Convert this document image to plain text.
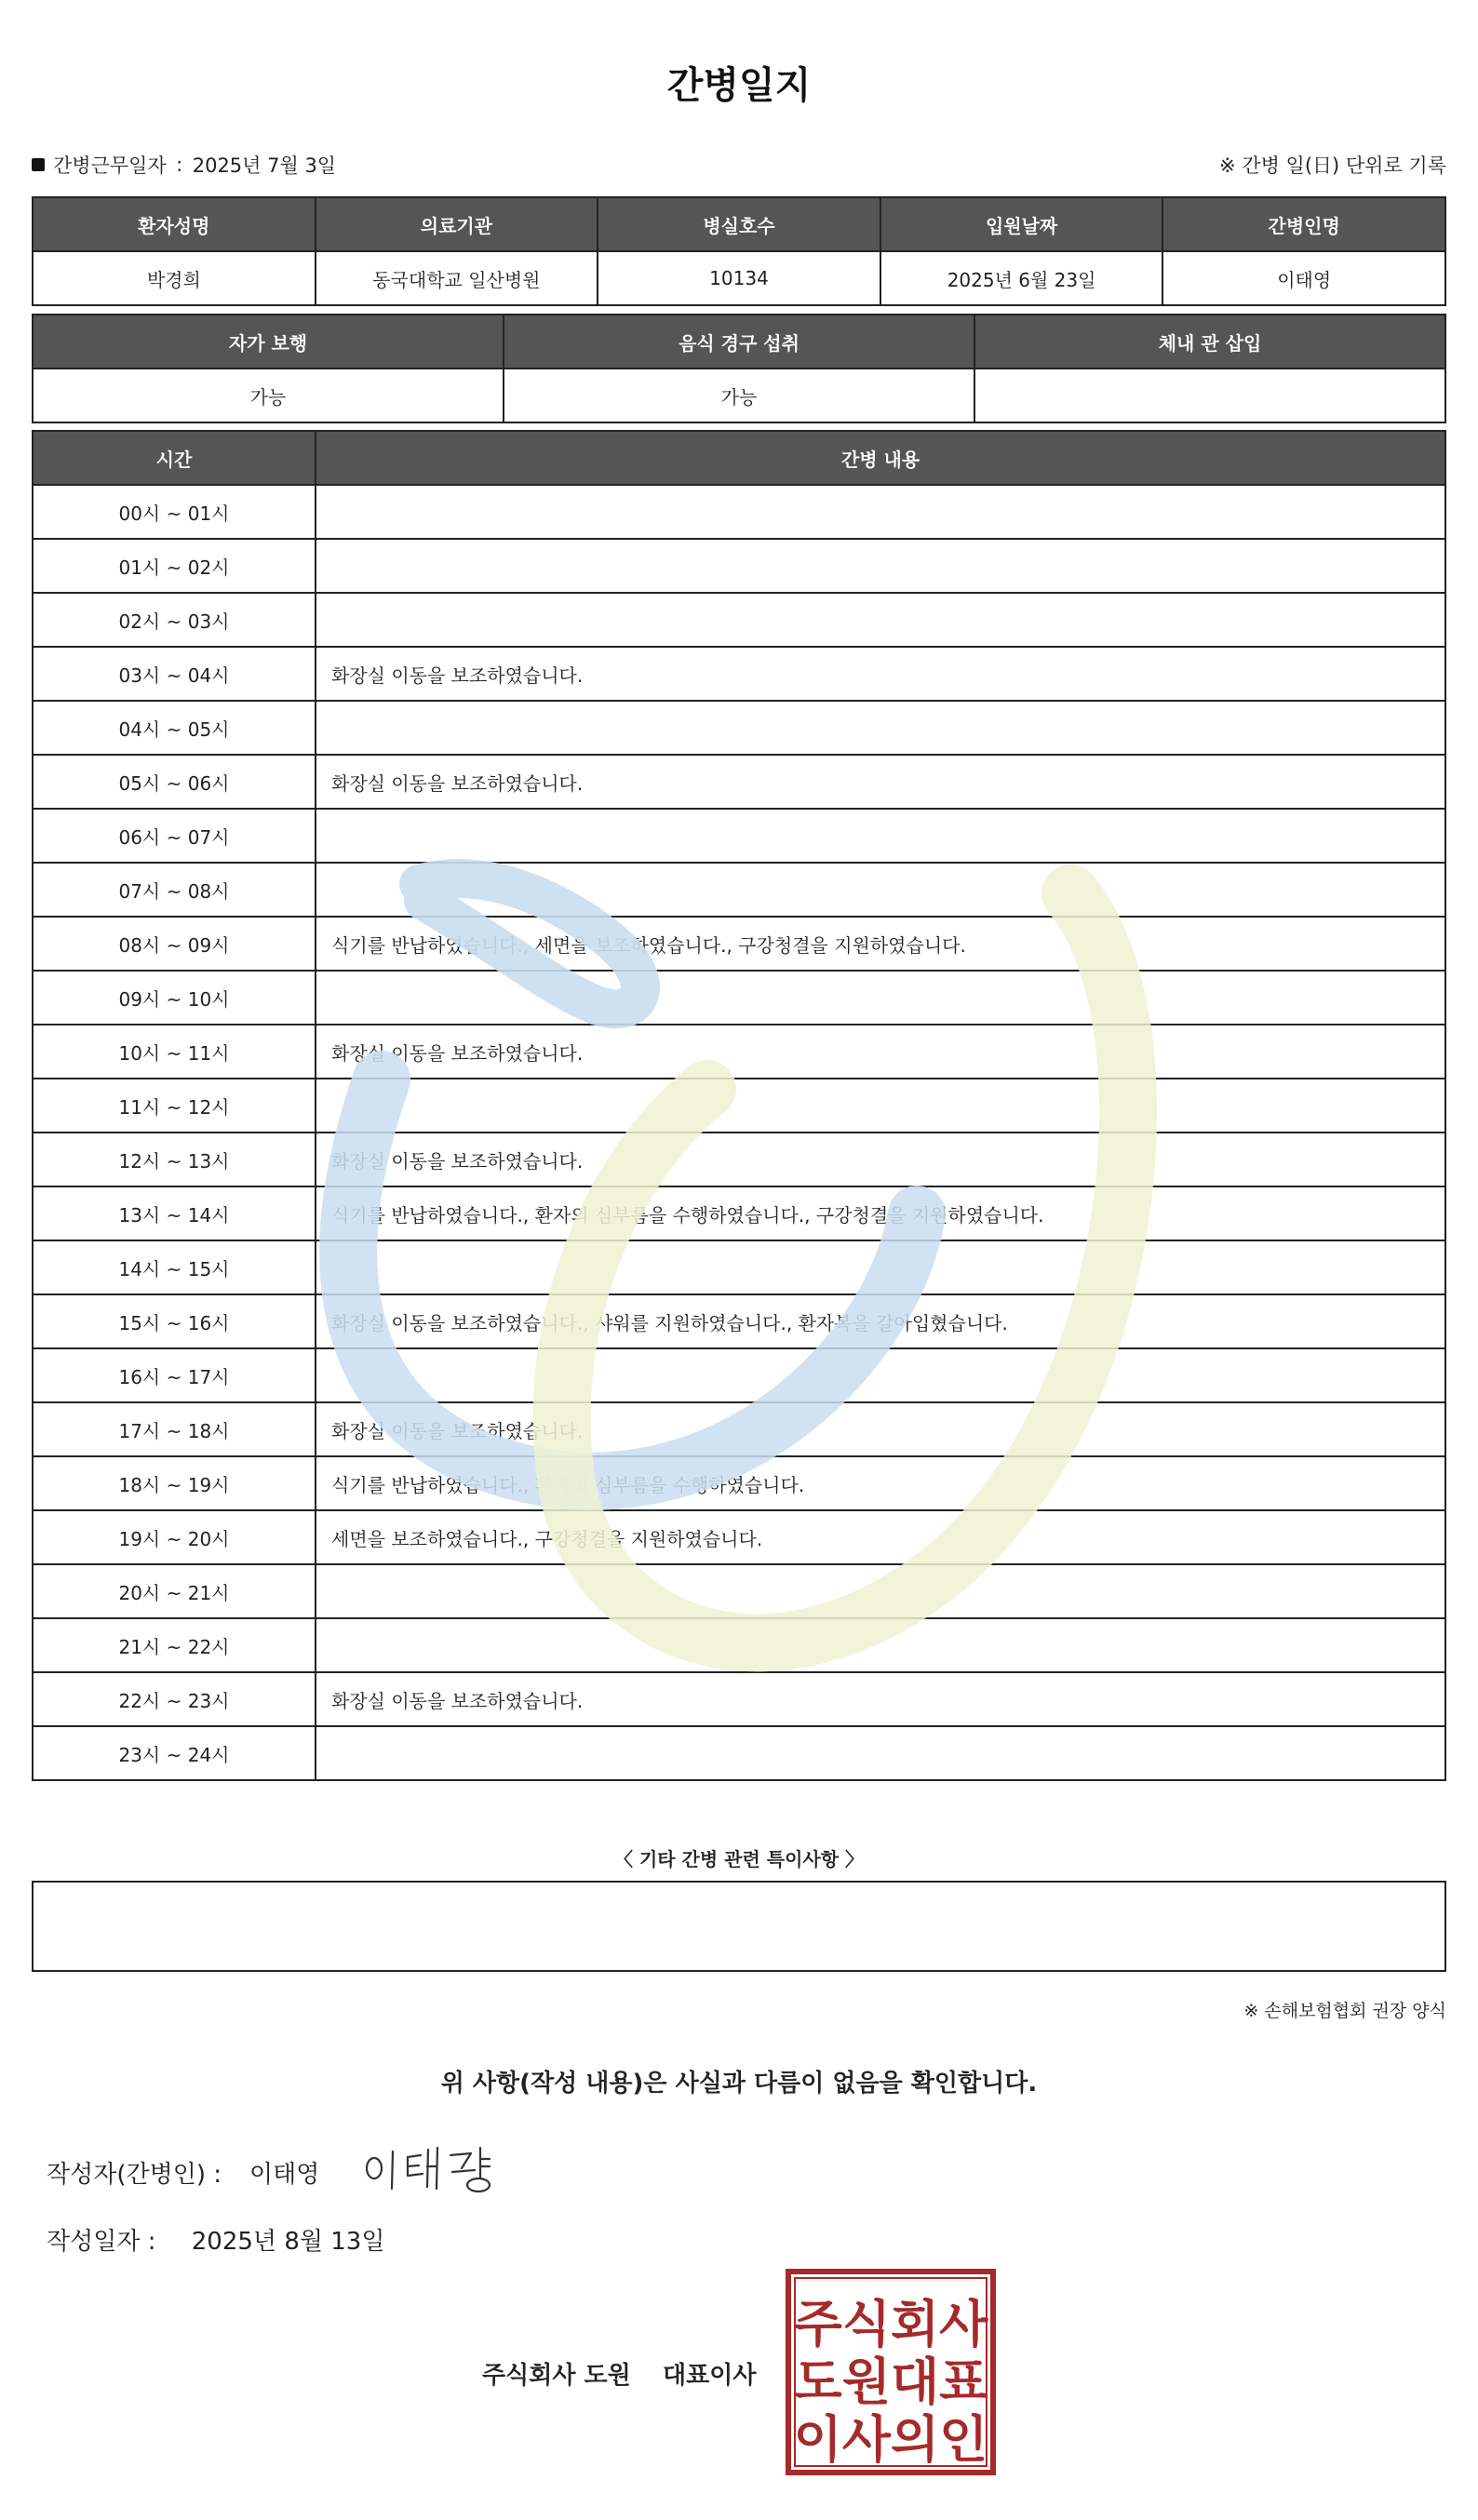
간병일지
간병근무일자 : 2025년 7월 3일	※ 간병 일(日) 단위로 기록
환자성명	의료기관	병실호수	입원날짜	간병인명
박경희	동국대학교 일산병원	10134	2025년 6월 23일	이태영
자가 보행	음식 경구 섭취	체내 관 삽입
가능	가능	
시간	간병 내용
00시 ~ 01시	
01시 ~ 02시	
02시 ~ 03시	
03시 ~ 04시	화장실 이동을 보조하였습니다.
04시 ~ 05시	
05시 ~ 06시	화장실 이동을 보조하였습니다.
06시 ~ 07시	
07시 ~ 08시	
08시 ~ 09시	식기를 반납하였습니다., 세면을 보조하였습니다., 구강청결을 지원하였습니다.
09시 ~ 10시	
10시 ~ 11시	화장실 이동을 보조하였습니다.
11시 ~ 12시	
12시 ~ 13시	화장실 이동을 보조하였습니다.
13시 ~ 14시	식기를 반납하였습니다., 환자의 심부름을 수행하였습니다., 구강청결을 지원하였습니다.
14시 ~ 15시	
15시 ~ 16시	화장실 이동을 보조하였습니다., 샤워를 지원하였습니다., 환자복을 갈아입혔습니다.
16시 ~ 17시	
17시 ~ 18시	화장실 이동을 보조하였습니다.
18시 ~ 19시	식기를 반납하였습니다., 환자의 심부름을 수행하였습니다.
19시 ~ 20시	세면을 보조하였습니다., 구강청결을 지원하였습니다.
20시 ~ 21시	
21시 ~ 22시	
22시 ~ 23시	화장실 이동을 보조하였습니다.
23시 ~ 24시	
〈 기타 간병 관련 특이사항 〉
※ 손해보험협회 권장 양식
위 사항(작성 내용)은 사실과 다름이 없음을 확인합니다.
작성자(간병인) : 이태영
작성일자 : 2025년 8월 13일
주식회사 도원 대표이사
주식회사
도원대표
이사의인
